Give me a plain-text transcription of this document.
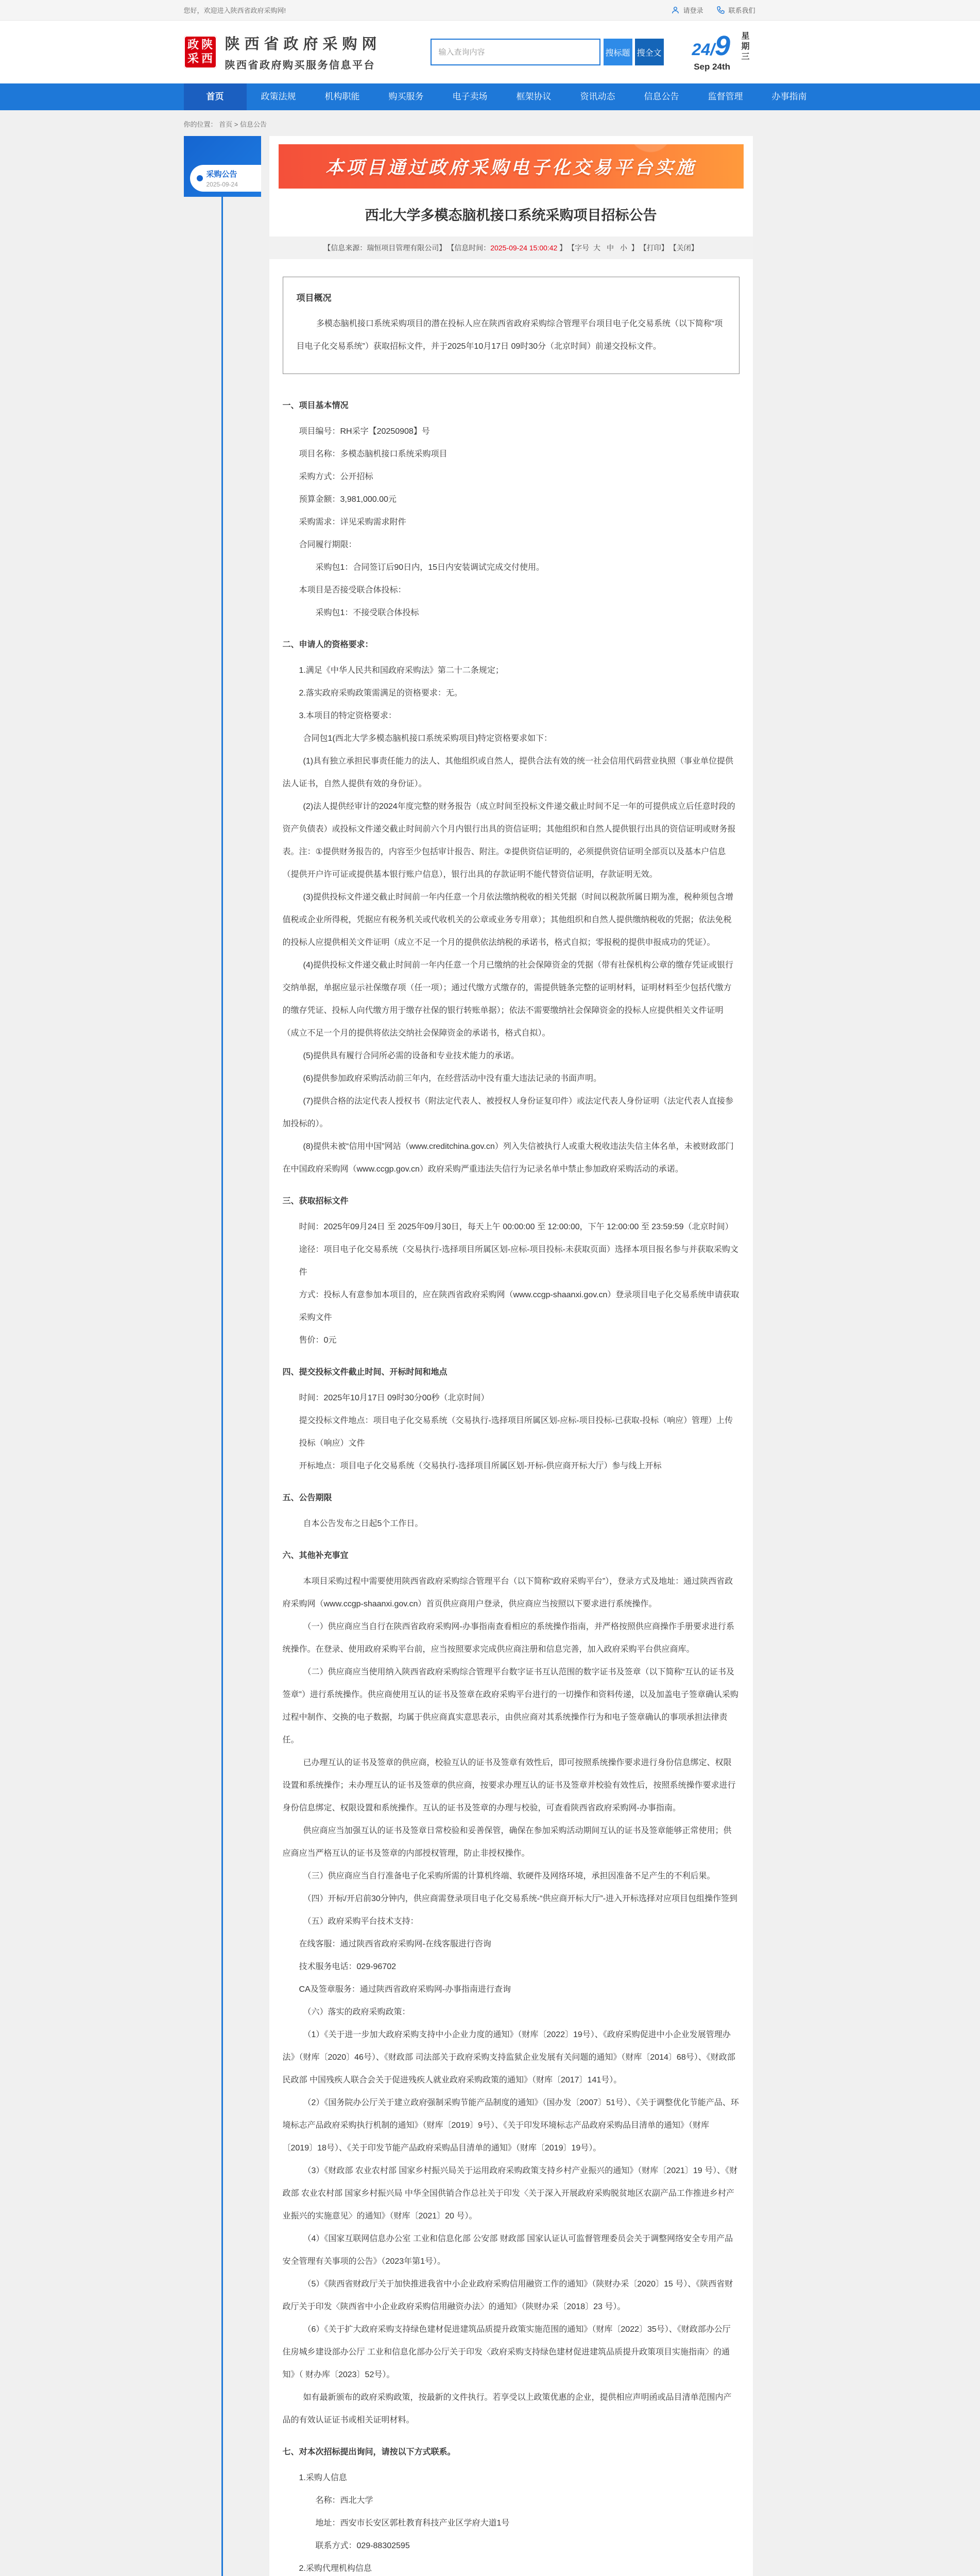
您好，欢迎进入陕西省政府采购网!	请登录	联系我们
政 陕
采 西
陕西省政府采购网
陕西省政府购买服务信息平台
输入查询内容
搜标题 搜全文 24/9
Sep 24th
星期三
首页	政策法规	机构职能	购买服务	电子卖场	框架协议	资讯动态	信息公告	监督管理	办事指南
你的位置： 首页 > 信息公告
采购公告
2025-09-24
本项目通过政府采购电子化交易平台实施
西北大学多模态脑机接口系统采购项目招标公告
【信息来源：瑞恒项目管理有限公司】 【信息时间：2025-09-24 15:00:42 】 【字号 大 中 小 】 【打印】 【关闭】
项目概况

多模态脑机接口系统采购项目的潜在投标人应在陕西省政府采购综合管理平台项目电子化交易系统（以下简称“项目电子化交易系统”）获取招标文件，并于2025年10月17日 09时30分（北京时间）前递交投标文件。

一、项目基本情况

项目编号：RH采字【20250908】号

项目名称：多模态脑机接口系统采购项目

采购方式：公开招标

预算金额：3,981,000.00元

采购需求：详见采购需求附件

合同履行期限：

采购包1：合同签订后90日内，15日内安装调试完成交付使用。

本项目是否接受联合体投标：

采购包1：不接受联合体投标

二、申请人的资格要求：

1.满足《中华人民共和国政府采购法》第二十二条规定；

2.落实政府采购政策需满足的资格要求：无。

3.本项目的特定资格要求：

合同包1(西北大学多模态脑机接口系统采购项目)特定资格要求如下：

(1)具有独立承担民事责任能力的法人、其他组织或自然人，提供合法有效的统一社会信用代码营业执照（事业单位提供法人证书，自然人提供有效的身份证）。

(2)法人提供经审计的2024年度完整的财务报告（成立时间至投标文件递交截止时间不足一年的可提供成立后任意时段的资产负债表）或投标文件递交截止时间前六个月内银行出具的资信证明；其他组织和自然人提供银行出具的资信证明或财务报表。注：①提供财务报告的，内容至少包括审计报告、附注。②提供资信证明的，必须提供资信证明全部页以及基本户信息（提供开户许可证或提供基本银行账户信息），银行出具的存款证明不能代替资信证明，存款证明无效。

(3)提供投标文件递交截止时间前一年内任意一个月依法缴纳税收的相关凭据（时间以税款所属日期为准，税种须包含增值税或企业所得税，凭据应有税务机关或代收机关的公章或业务专用章）；其他组织和自然人提供缴纳税收的凭据；依法免税的投标人应提供相关文件证明（成立不足一个月的提供依法纳税的承诺书，格式自拟；零报税的提供申报成功的凭证）。

(4)提供投标文件递交截止时间前一年内任意一个月已缴纳的社会保障资金的凭据（带有社保机构公章的缴存凭证或银行交纳单据，单据应显示社保缴存项（任一项）；通过代缴方式缴存的，需提供链条完整的证明材料，证明材料至少包括代缴方的缴存凭证、投标人向代缴方用于缴存社保的银行转账单据）；依法不需要缴纳社会保障资金的投标人应提供相关文件证明（成立不足一个月的提供将依法交纳社会保障资金的承诺书，格式自拟）。

(5)提供具有履行合同所必需的设备和专业技术能力的承诺。

(6)提供参加政府采购活动前三年内，在经营活动中没有重大违法记录的书面声明。

(7)提供合格的法定代表人授权书（附法定代表人、被授权人身份证复印件）或法定代表人身份证明（法定代表人直接参加投标的）。

(8)提供未被“信用中国”网站（www.creditchina.gov.cn）列入失信被执行人或重大税收违法失信主体名单，未被财政部门在中国政府采购网（www.ccgp.gov.cn）政府采购严重违法失信行为记录名单中禁止参加政府采购活动的承诺。

三、获取招标文件

时间：2025年09月24日 至 2025年09月30日，每天上午 00:00:00 至 12:00:00，下午 12:00:00 至 23:59:59（北京时间）

途径：项目电子化交易系统（交易执行-选择项目所属区划-应标-项目投标-未获取页面）选择本项目报名参与并获取采购文件

方式：投标人有意参加本项目的，应在陕西省政府采购网（www.ccgp-shaanxi.gov.cn）登录项目电子化交易系统申请获取采购文件

售价：0元

四、提交投标文件截止时间、开标时间和地点

时间：2025年10月17日 09时30分00秒（北京时间）

提交投标文件地点：项目电子化交易系统（交易执行-选择项目所属区划-应标-项目投标-已获取-投标（响应）管理）上传投标（响应）文件

开标地点：项目电子化交易系统（交易执行-选择项目所属区划-开标-供应商开标大厅）参与线上开标

五、公告期限

自本公告发布之日起5个工作日。

六、其他补充事宜

本项目采购过程中需要使用陕西省政府采购综合管理平台（以下简称“政府采购平台”），登录方式及地址：通过陕西省政府采购网（www.ccgp-shaanxi.gov.cn）首页供应商用户登录，供应商应当按照以下要求进行系统操作。

（一）供应商应当自行在陕西省政府采购网-办事指南查看相应的系统操作指南，并严格按照供应商操作手册要求进行系统操作。在登录、使用政府采购平台前，应当按照要求完成供应商注册和信息完善，加入政府采购平台供应商库。

（二）供应商应当使用纳入陕西省政府采购综合管理平台数字证书互认范围的数字证书及签章（以下简称“互认的证书及签章”）进行系统操作。供应商使用互认的证书及签章在政府采购平台进行的一切操作和资料传递，以及加盖电子签章确认采购过程中制作、交换的电子数据，均属于供应商真实意思表示，由供应商对其系统操作行为和电子签章确认的事项承担法律责任。

已办理互认的证书及签章的供应商，校验互认的证书及签章有效性后，即可按照系统操作要求进行身份信息绑定、权限设置和系统操作；未办理互认的证书及签章的供应商，按要求办理互认的证书及签章并校验有效性后，按照系统操作要求进行身份信息绑定、权限设置和系统操作。互认的证书及签章的办理与校验，可查看陕西省政府采购网-办事指南。

供应商应当加强互认的证书及签章日常校验和妥善保管，确保在参加采购活动期间互认的证书及签章能够正常使用；供应商应当严格互认的证书及签章的内部授权管理，防止非授权操作。

（三）供应商应当自行准备电子化采购所需的计算机终端、软硬件及网络环境，承担因准备不足产生的不利后果。

（四）开标/开启前30分钟内，供应商需登录项目电子化交易系统-“供应商开标大厅”-进入开标选择对应项目包组操作签到

（五）政府采购平台技术支持：

在线客服：通过陕西省政府采购网-在线客服进行咨询

技术服务电话：029-96702

CA及签章服务：通过陕西省政府采购网-办事指南进行查询

（六）落实的政府采购政策：

（1）《关于进一步加大政府采购支持中小企业力度的通知》（财库〔2022〕19号）、《政府采购促进中小企业发展管理办法》（财库〔2020〕46号）、《财政部 司法部关于政府采购支持监狱企业发展有关问题的通知》（财库〔2014〕68号）、《财政部 民政部 中国残疾人联合会关于促进残疾人就业政府采购政策的通知》（财库〔2017〕141号）。

（2）《国务院办公厅关于建立政府强制采购节能产品制度的通知》（国办发〔2007〕51号）、《关于调整优化节能产品、环境标志产品政府采购执行机制的通知》（财库〔2019〕9号）、《关于印发环境标志产品政府采购品目清单的通知》（财库〔2019〕18号）、《关于印发节能产品政府采购品目清单的通知》（财库〔2019〕19号）。

（3）《财政部 农业农村部 国家乡村振兴局关于运用政府采购政策支持乡村产业振兴的通知》（财库〔2021〕19 号）、《财政部 农业农村部 国家乡村振兴局 中华全国供销合作总社关于印发〈关于深入开展政府采购脱贫地区农副产品工作推进乡村产业振兴的实施意见〉的通知》（财库〔2021〕20 号）。

（4）《国家互联网信息办公室 工业和信息化部 公安部 财政部 国家认证认可监督管理委员会关于调整网络安全专用产品安全管理有关事项的公告》（2023年第1号）。

（5）《陕西省财政厅关于加快推进我省中小企业政府采购信用融资工作的通知》（陕财办采〔2020〕15 号）、《陕西省财政厅关于印发〈陕西省中小企业政府采购信用融资办法〉的通知》（陕财办采〔2018〕23 号）。

（6）《关于扩大政府采购支持绿色建材促进建筑品质提升政策实施范围的通知》（财库〔2022〕35号）、《财政部办公厅 住房城乡建设部办公厅 工业和信息化部办公厅关于印发〈政府采购支持绿色建材促进建筑品质提升政策项目实施指南〉的通知》（ 财办库〔2023〕52号）。

如有最新颁布的政府采购政策，按最新的文件执行。若享受以上政策优惠的企业，提供相应声明函或品目清单范围内产品的有效认证证书或相关证明材料。

七、对本次招标提出询问，请按以下方式联系。

1.采购人信息

名称：西北大学

地址：西安市长安区郭杜教育科技产业区学府大道1号

联系方式：029-88302595

2.采购代理机构信息
